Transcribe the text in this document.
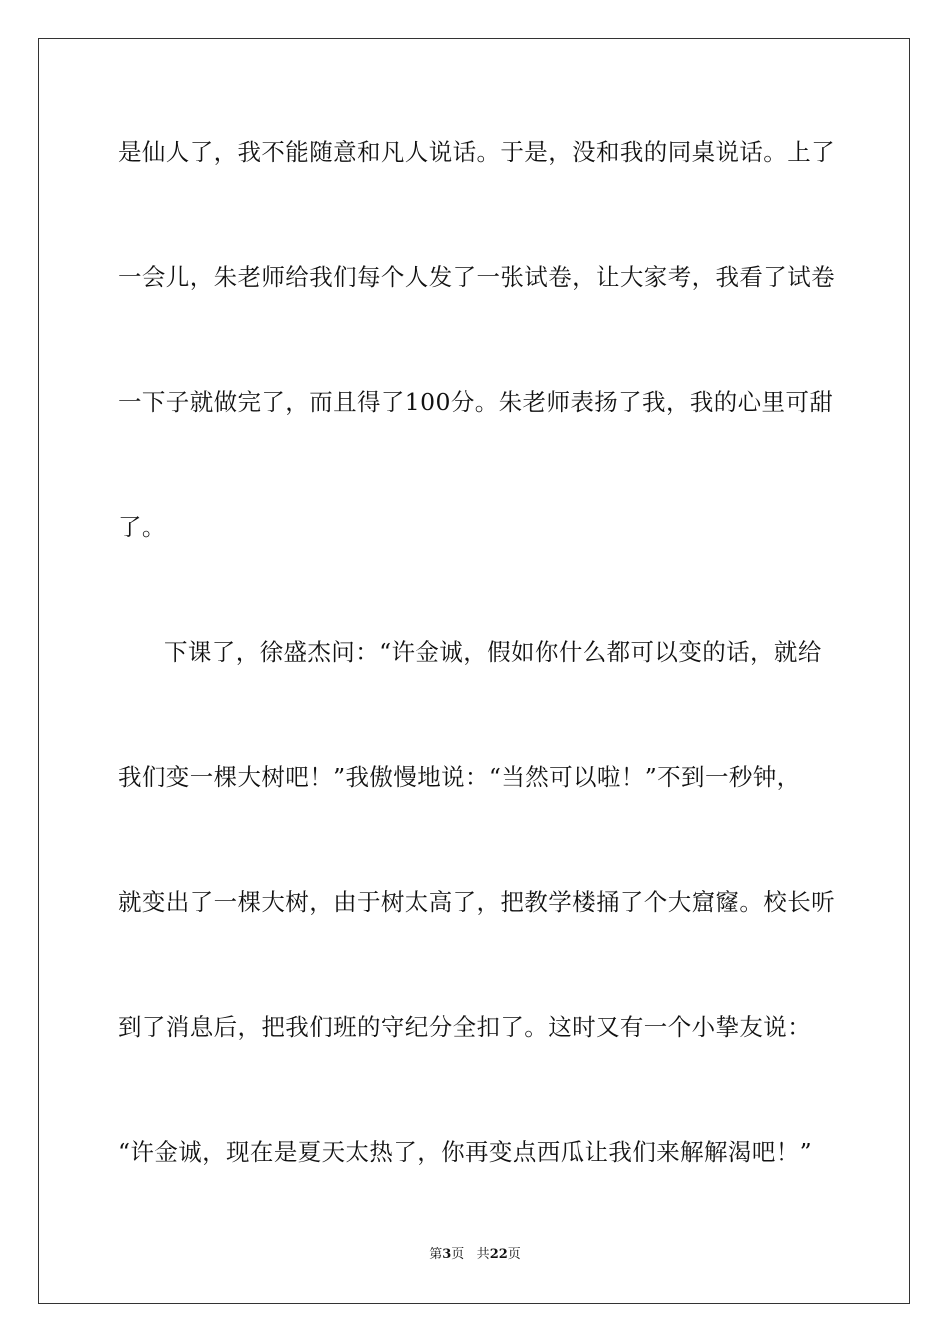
是仙人了，我不能随意和凡人说话。于是，没和我的同桌说话。上了
一会儿，朱老师给我们每个人发了一张试卷，让大家考，我看了试卷
一下子就做完了，而且得了100分。朱老师表扬了我，我的心里可甜
了。
下课了，徐盛杰问：“许金诚，假如你什么都可以变的话，就给
我们变一棵大树吧！”我傲慢地说：“当然可以啦！”不到一秒钟，
就变出了一棵大树，由于树太高了，把教学楼捅了个大窟窿。校长听
到了消息后，把我们班的守纪分全扣了。这时又有一个小挚友说：
“许金诚，现在是夏天太热了，你再变点西瓜让我们来解解渴吧！”
第3页 共22页
